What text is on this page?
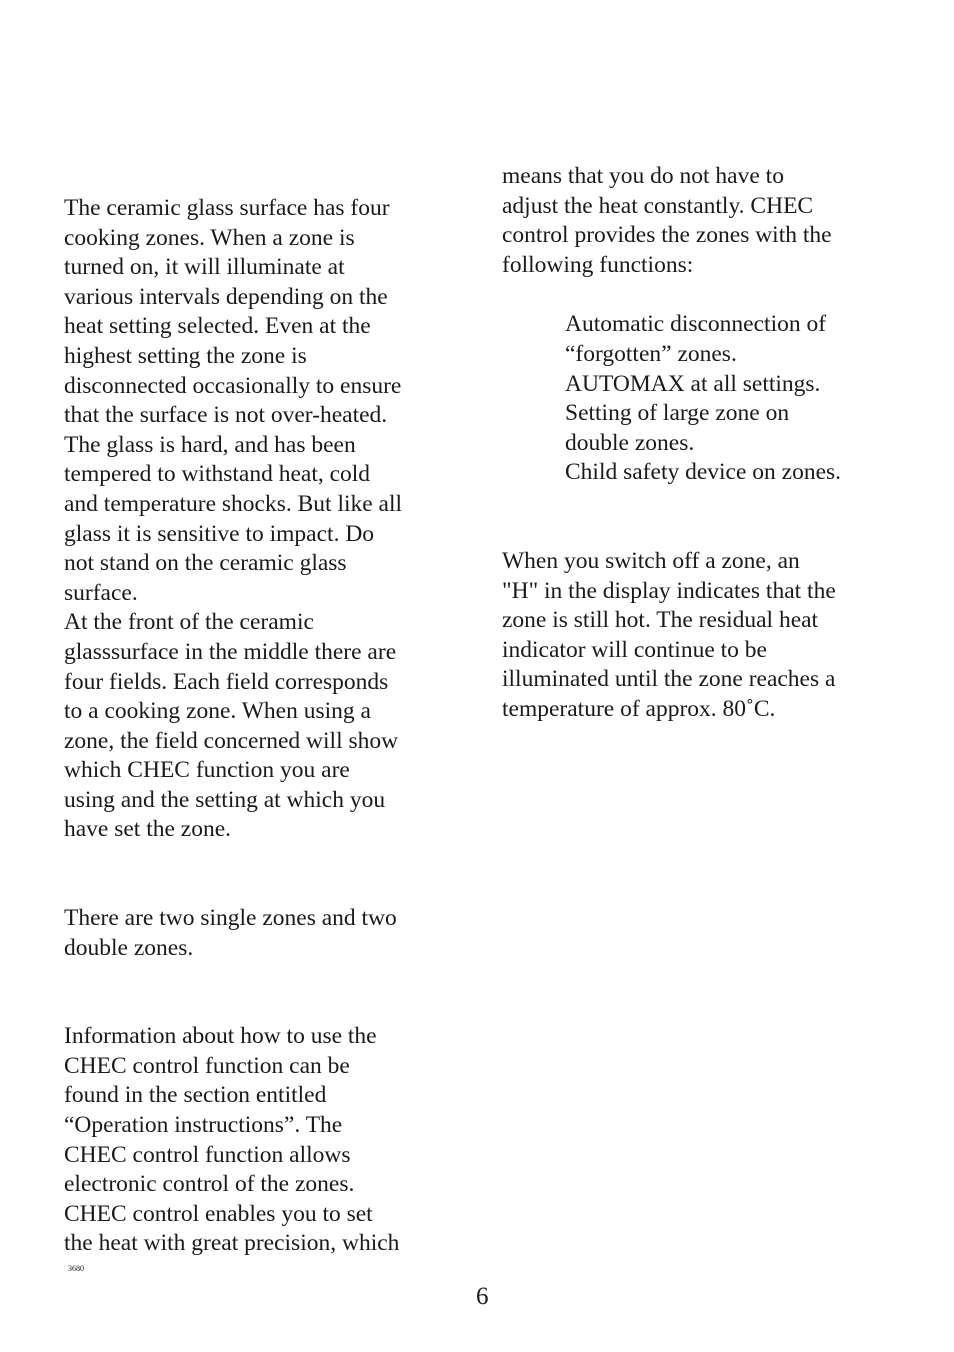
The ceramic glass surface has four
cooking zones. When a zone is
turned on, it will illuminate at
various intervals depending on the
heat setting selected. Even at the
highest setting the zone is
disconnected occasionally to ensure
that the surface is not over-heated.
The glass is hard, and has been
tempered to withstand heat, cold
and temperature shocks. But like all
glass it is sensitive to impact. Do
not stand on the ceramic glass
surface.

At the front of the ceramic
glasssurface in the middle there are
four fields. Each field corresponds
to a cooking zone. When using a
zone, the field concerned will show
which CHEC function you are
using and the setting at which you
have set the zone.

There are two single zones and two
double zones.

Information about how to use the
CHEC control function can be
found in the section entitled
“Operation instructions”. The
CHEC control function allows
electronic control of the zones.
CHEC control enables you to set
the heat with great precision, which

means that you do not have to
adjust the heat constantly. CHEC
control provides the zones with the
following functions:

Automatic disconnection of
“forgotten” zones.
AUTOMAX at all settings.
Setting of large zone on
double zones.
Child safety device on zones.

When you switch off a zone, an
"H" in the display indicates that the
zone is still hot. The residual heat
indicator will continue to be
illuminated until the zone reaches a
temperature of approx. 80˚C.

3680
6
